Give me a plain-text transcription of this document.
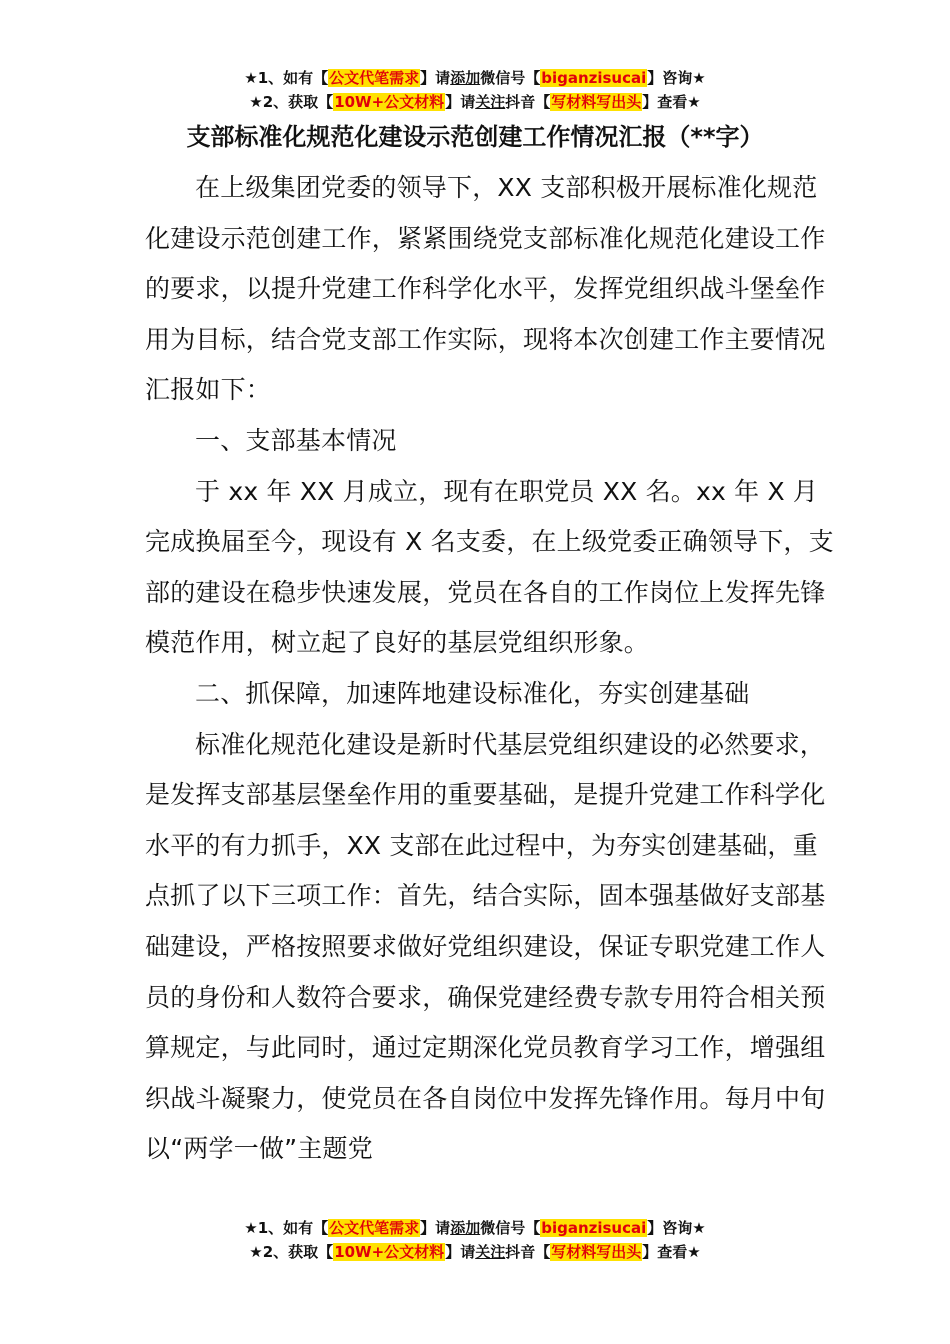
★1、如有【公文代笔需求】请添加微信号【biganzisucai】咨询★
★2、获取【10W+公文材料】请关注抖音【写材料写出头】查看★
支部标准化规范化建设示范创建工作情况汇报（**字）

在上级集团党委的领导下，XX 支部积极开展标准化规范化建设示范创建工作，紧紧围绕党支部标准化规范化建设工作的要求，以提升党建工作科学化水平，发挥党组织战斗堡垒作用为目标，结合党支部工作实际，现将本次创建工作主要情况汇报如下：

一、支部基本情况

于 xx 年 XX 月成立，现有在职党员 XX 名。xx 年 X 月完成换届至今，现设有 X 名支委，在上级党委正确领导下，支部的建设在稳步快速发展，党员在各自的工作岗位上发挥先锋模范作用，树立起了良好的基层党组织形象。

二、抓保障，加速阵地建设标准化，夯实创建基础

标准化规范化建设是新时代基层党组织建设的必然要求，是发挥支部基层堡垒作用的重要基础，是提升党建工作科学化水平的有力抓手，XX 支部在此过程中，为夯实创建基础，重点抓了以下三项工作：首先，结合实际，固本强基做好支部基础建设，严格按照要求做好党组织建设，保证专职党建工作人员的身份和人数符合要求，确保党建经费专款专用符合相关预算规定，与此同时，通过定期深化党员教育学习工作，增强组织战斗凝聚力，使党员在各自岗位中发挥先锋作用。每月中旬以“两学一做”主题党

★1、如有【公文代笔需求】请添加微信号【biganzisucai】咨询★
★2、获取【10W+公文材料】请关注抖音【写材料写出头】查看★
